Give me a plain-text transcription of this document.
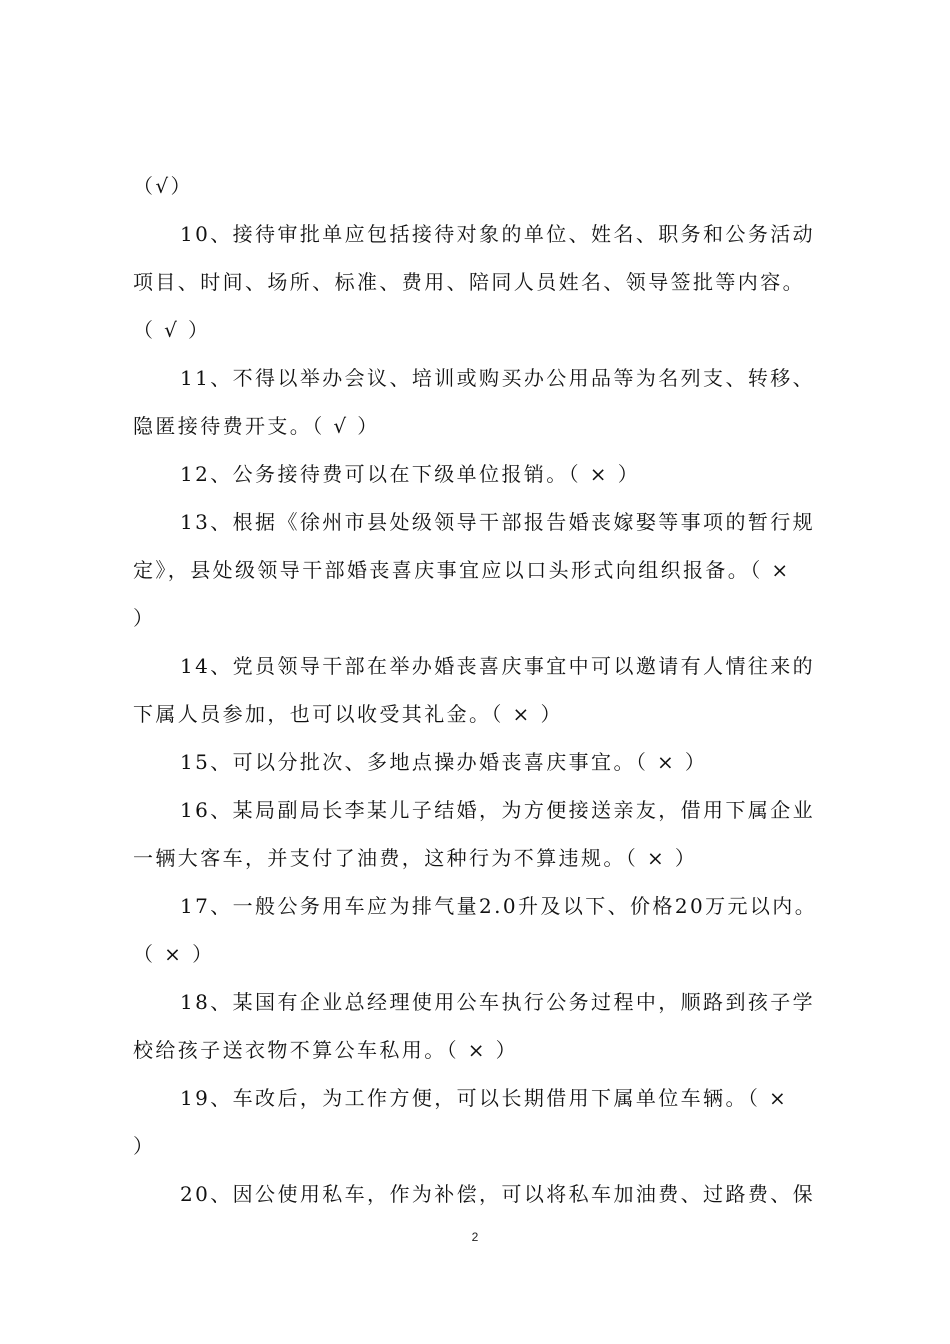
（√）
10、接待审批单应包括接待对象的单位、姓名、职务和公务活动
项目、时间、场所、标准、费用、陪同人员姓名、领导签批等内容。
（ √ ）
11、不得以举办会议、培训或购买办公用品等为名列支、转移、
隐匿接待费开支。（ √ ）
12、公务接待费可以在下级单位报销。（ × ）
13、根据《徐州市县处级领导干部报告婚丧嫁娶等事项的暂行规
定》，县处级领导干部婚丧喜庆事宜应以口头形式向组织报备。（ ×
）
14、党员领导干部在举办婚丧喜庆事宜中可以邀请有人情往来的
下属人员参加，也可以收受其礼金。（ × ）
15、可以分批次、多地点操办婚丧喜庆事宜。（ × ）
16、某局副局长李某儿子结婚，为方便接送亲友，借用下属企业
一辆大客车，并支付了油费，这种行为不算违规。（ × ）
17、一般公务用车应为排气量2.0升及以下、价格20万元以内。
（ × ）
18、某国有企业总经理使用公车执行公务过程中，顺路到孩子学
校给孩子送衣物不算公车私用。（ × ）
19、车改后，为工作方便，可以长期借用下属单位车辆。（ ×
）
20、因公使用私车，作为补偿，可以将私车加油费、过路费、保
2
